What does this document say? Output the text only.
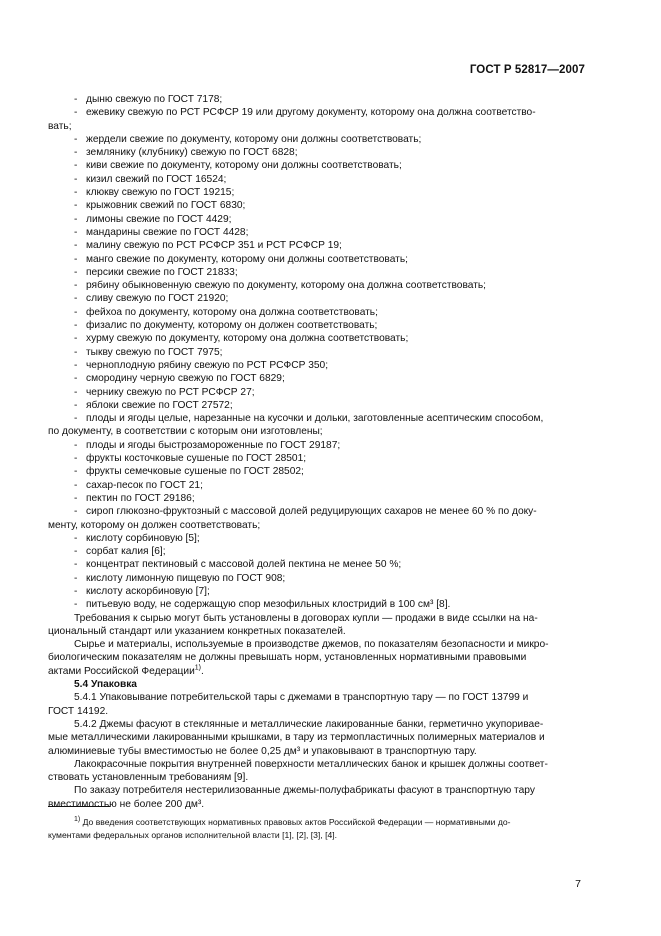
ГОСТ Р 52817—2007
- дыню свежую по ГОСТ 7178;
- ежевику свежую по РСТ РСФСР 19 или другому документу, которому она должна соответство-
вать;
- жердели свежие по документу, которому они должны соответствовать;
- землянику (клубнику) свежую по ГОСТ 6828;
- киви свежие по документу, которому они должны соответствовать;
- кизил свежий по ГОСТ 16524;
- клюкву свежую по ГОСТ 19215;
- крыжовник свежий по ГОСТ 6830;
- лимоны свежие по ГОСТ 4429;
- мандарины свежие по ГОСТ 4428;
- малину свежую по РСТ РСФСР 351 и РСТ РСФСР 19;
- манго свежие по документу, которому они должны соответствовать;
- персики свежие по ГОСТ 21833;
- рябину обыкновенную свежую по документу, которому она должна соответствовать;
- сливу свежую по ГОСТ 21920;
- фейхоа по документу, которому она должна соответствовать;
- физалис по документу, которому он должен соответствовать;
- хурму свежую по документу, которому она должна соответствовать;
- тыкву свежую по ГОСТ 7975;
- черноплодную рябину свежую по РСТ РСФСР 350;
- смородину черную свежую по ГОСТ 6829;
- чернику свежую по РСТ РСФСР 27;
- яблоки свежие по ГОСТ 27572;
- плоды и ягоды целые, нарезанные на кусочки и дольки, заготовленные асептическим способом,
по документу, в соответствии с которым они изготовлены;
- плоды и ягоды быстрозамороженные по ГОСТ 29187;
- фрукты косточковые сушеные по ГОСТ 28501;
- фрукты семечковые сушеные по ГОСТ 28502;
- сахар-песок по ГОСТ 21;
- пектин по ГОСТ 29186;
- сироп глюкозно-фруктозный с массовой долей редуцирующих сахаров не менее 60 % по доку-
менту, которому он должен соответствовать;
- кислоту сорбиновую [5];
- сорбат калия [6];
- концентрат пектиновый с массовой долей пектина не менее 50 %;
- кислоту лимонную пищевую по ГОСТ 908;
- кислоту аскорбиновую [7];
- питьевую воду, не содержащую спор мезофильных клостридий в 100 см³ [8].
Требования к сырью могут быть установлены в договорах купли — продажи в виде ссылки на на-
циональный стандарт или указанием конкретных показателей.
Сырье и материалы, используемые в производстве джемов, по показателям безопасности и микро-
биологическим показателям не должны превышать норм, установленных нормативными правовыми
актами Российской Федерации$^{1)}$.
5.4 Упаковка
5.4.1 Упаковывание потребительской тары с джемами в транспортную тару — по ГОСТ 13799 и
ГОСТ 14192.
5.4.2 Джемы фасуют в стеклянные и металлические лакированные банки, герметично укупоривае-
мые металлическими лакированными крышками, в тару из термопластичных полимерных материалов и
алюминиевые тубы вместимостью не более 0,25 дм³ и упаковывают в транспортную тару.
Лакокрасочные покрытия внутренней поверхности металлических банок и крышек должны соответ-
ствовать установленным требованиям [9].
По заказу потребителя нестерилизованные джемы-полуфабрикаты фасуют в транспортную тару
вместимостью не более 200 дм³.
$^{1)}$ До введения соответствующих нормативных правовых актов Российской Федерации — нормативными до-
кументами федеральных органов исполнительной власти [1], [2], [3], [4].
7
